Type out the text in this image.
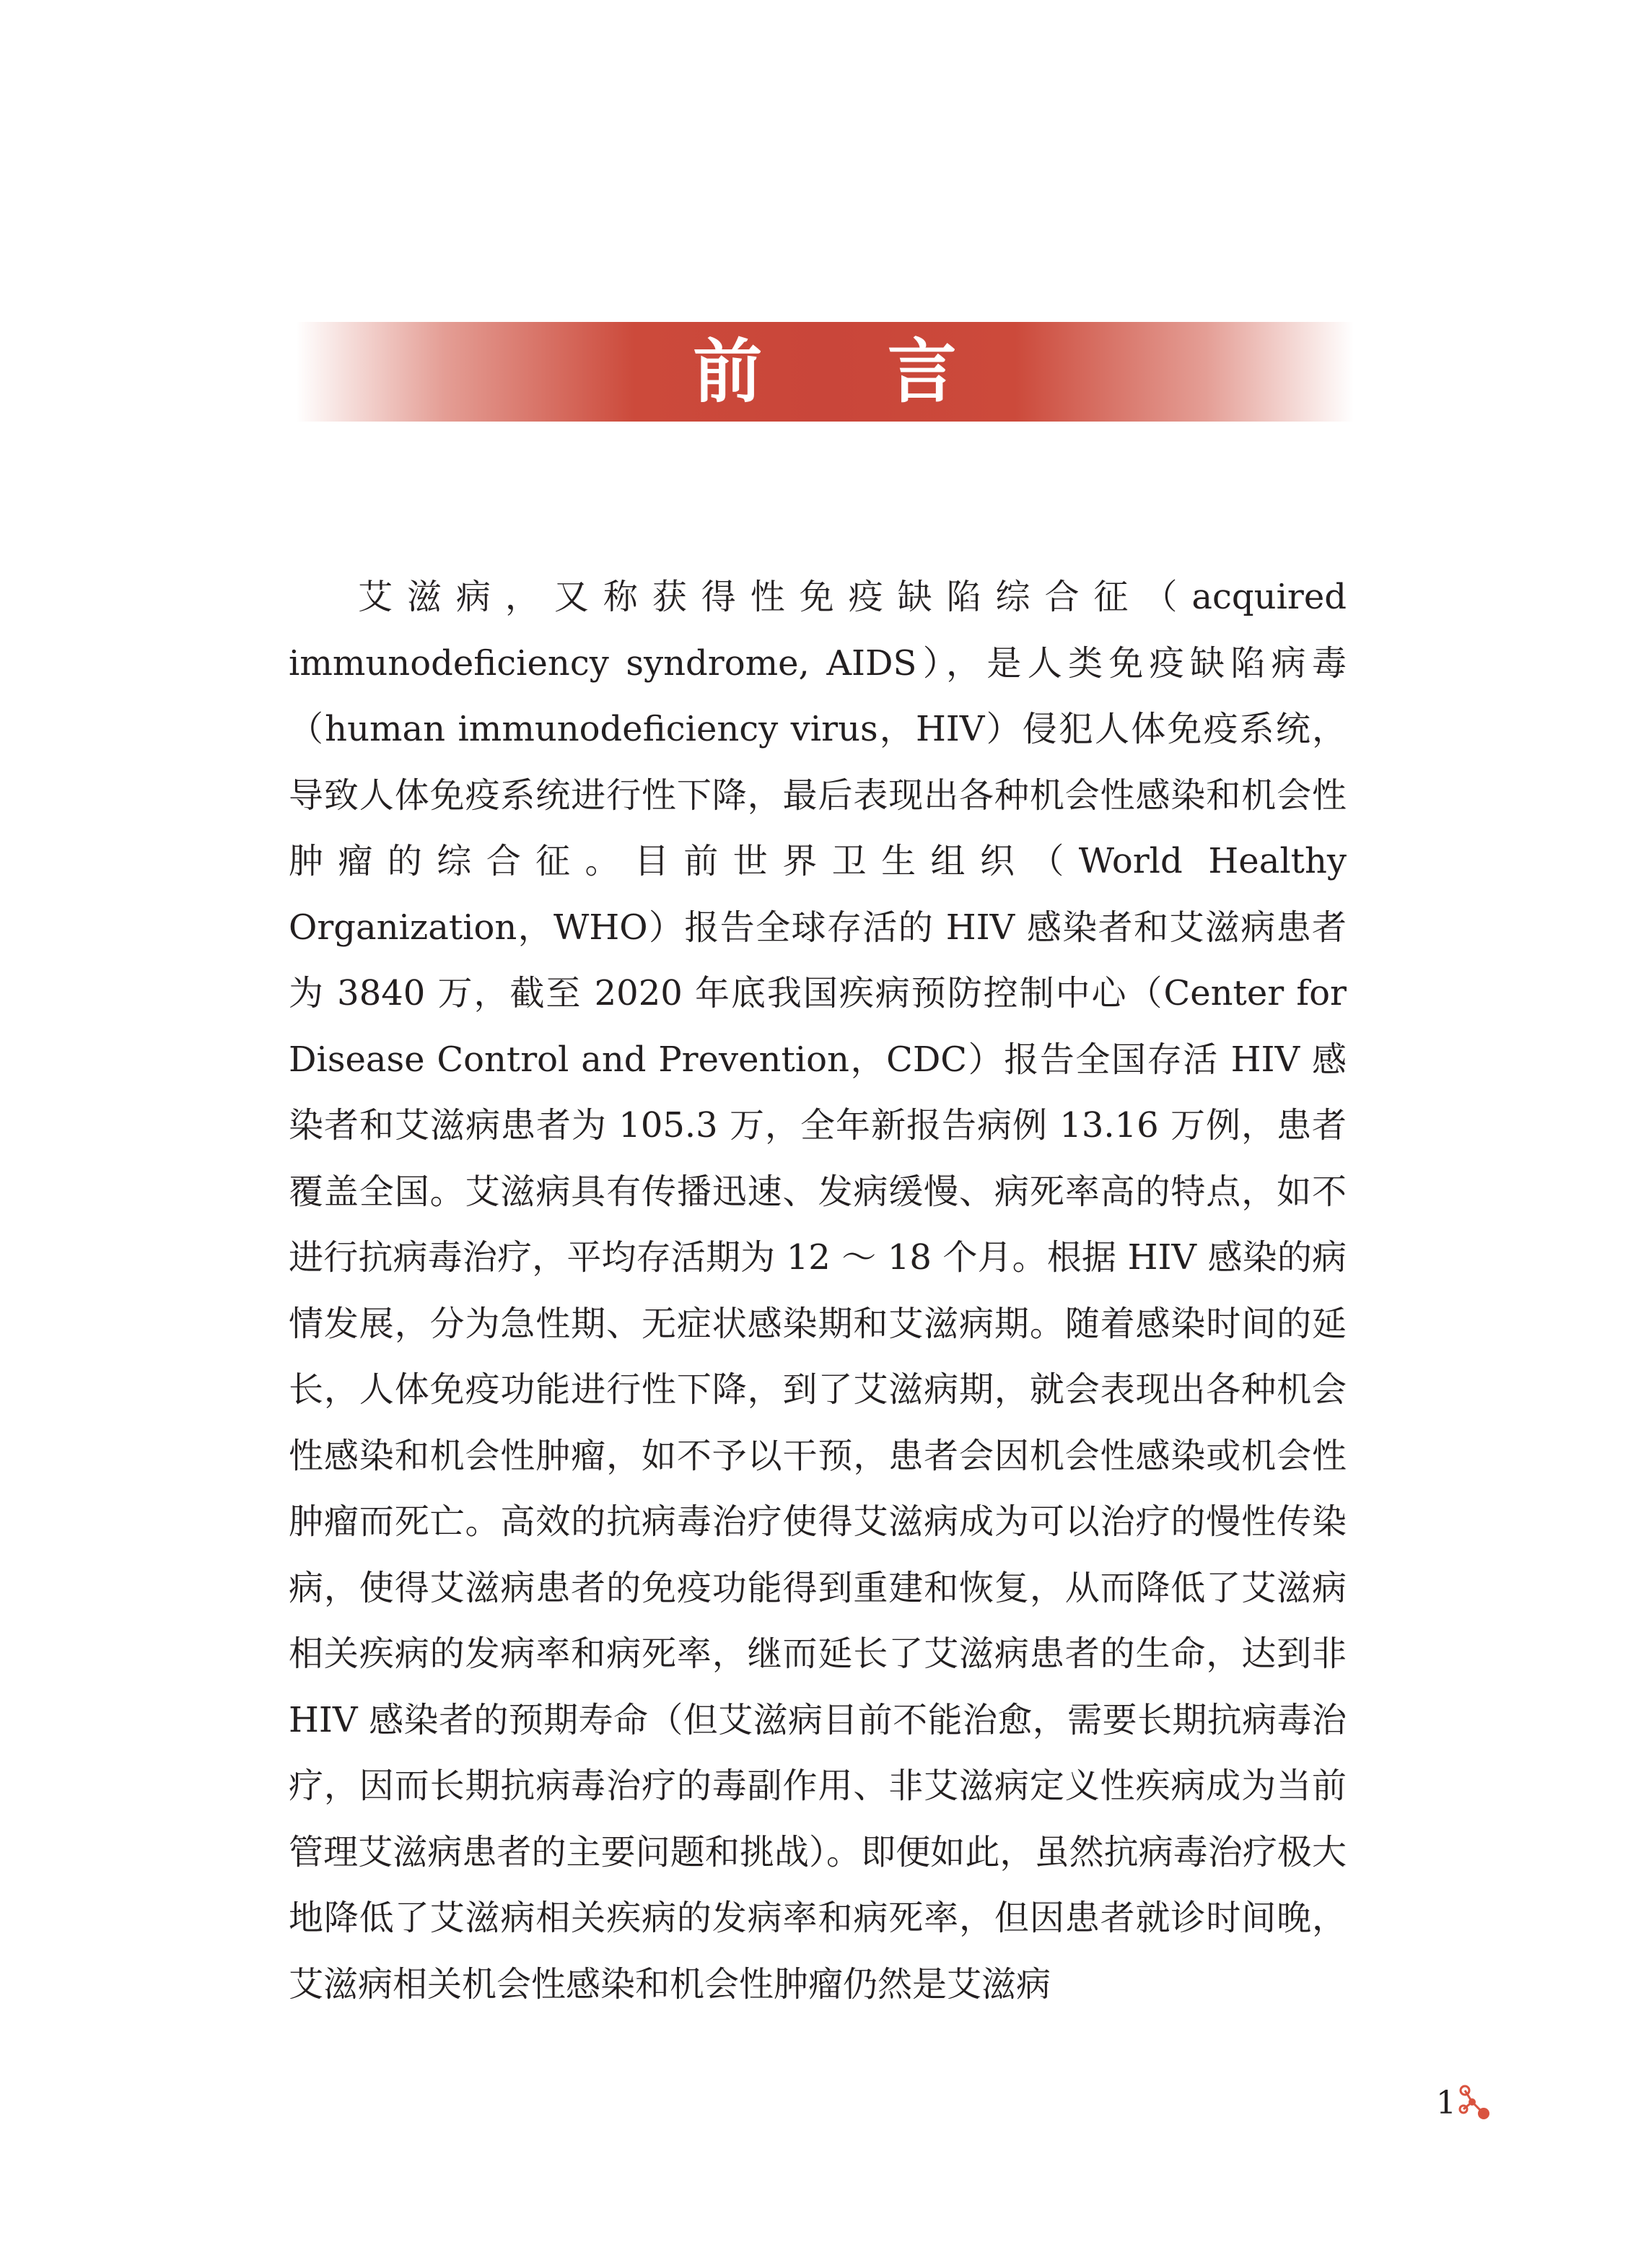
前 言

艾滋病，又称获得性免疫缺陷综合征（acquired immunodeficiency syndrome, AIDS），是人类免疫缺陷病毒（human immunodeficiency virus，HIV）侵犯人体免疫系统，导致人体免疫系统进行性下降，最后表现出各种机会性感染和机会性肿瘤的综合征。目前世界卫生组织（World Healthy Organization，WHO）报告全球存活的 HIV 感染者和艾滋病患者为 3840 万，截至 2020 年底我国疾病预防控制中心（Center for Disease Control and Prevention，CDC）报告全国存活 HIV 感染者和艾滋病患者为 105.3 万，全年新报告病例 13.16 万例，患者覆盖全国。艾滋病具有传播迅速、发病缓慢、病死率高的特点，如不进行抗病毒治疗，平均存活期为 12 ～ 18 个月。根据 HIV 感染的病情发展，分为急性期、无症状感染期和艾滋病期。随着感染时间的延长，人体免疫功能进行性下降，到了艾滋病期，就会表现出各种机会性感染和机会性肿瘤，如不予以干预，患者会因机会性感染或机会性肿瘤而死亡。高效的抗病毒治疗使得艾滋病成为可以治疗的慢性传染病，使得艾滋病患者的免疫功能得到重建和恢复，从而降低了艾滋病相关疾病的发病率和病死率，继而延长了艾滋病患者的生命，达到非 HIV 感染者的预期寿命（但艾滋病目前不能治愈，需要长期抗病毒治疗，因而长期抗病毒治疗的毒副作用、非艾滋病定义性疾病成为当前管理艾滋病患者的主要问题和挑战）。即便如此，虽然抗病毒治疗极大地降低了艾滋病相关疾病的发病率和病死率，但因患者就诊时间晚，艾滋病相关机会性感染和机会性肿瘤仍然是艾滋病

1
